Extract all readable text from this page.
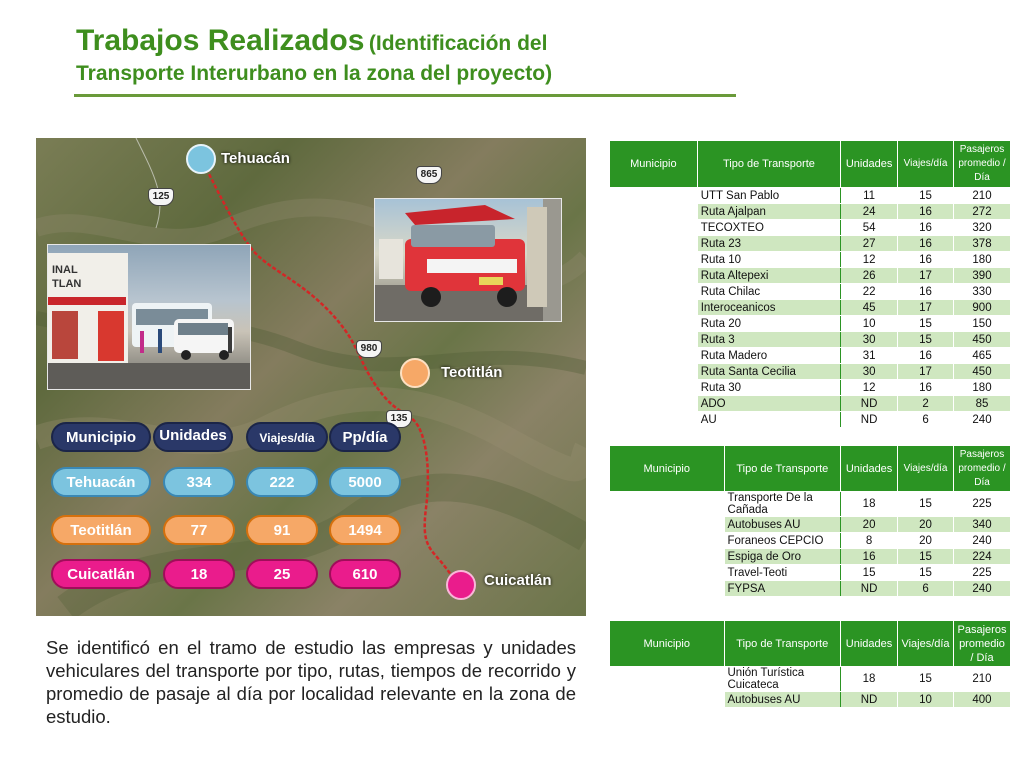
Trabajos Realizados (Identificación del
Transporte Interurbano en la zona del proyecto)
INAL
TLAN
125
865
980
135
Tehuacán
Teotitlán
Cuicatlán
Municipio	Unidades	Viajes/día	Pp/día
Tehuacán	334	222	5000
Teotitlán	77	91	1494
Cuicatlán	18	25	610

Se identificó en el tramo de estudio las empresas y unidades vehiculares del transporte por tipo, rutas, tiempos de recorrido y promedio de pasaje al día por localidad relevante en la zona de estudio.

Municipio	Tipo de Transporte	Unidades	Viajes/día	Pasajeros promedio / Día
Tehuacán	UTT San Pablo	11	15	210
	Ruta Ajalpan	24	16	272
	TECOXTEO	54	16	320
	Ruta 23	27	16	378
	Ruta 10	12	16	180
	Ruta Altepexi	26	17	390
	Ruta Chilac	22	16	330
	Interoceanicos	45	17	900
	Ruta 20	10	15	150
	Ruta 3	30	15	450
	Ruta Madero	31	16	465
	Ruta Santa Cecilia	30	17	450
	Ruta 30	12	16	180
	ADO	ND	2	85
	AU	ND	6	240
Municipio	Tipo de Transporte	Unidades	Viajes/día	Pasajeros promedio / Día
Teotitlán de Flores Magón	Transporte De la Cañada	18	15	225
	Autobuses AU	20	20	340
	Foraneos CEPCIO	8	20	240
	Espiga de Oro	16	15	224
	Travel-Teoti	15	15	225
	FYPSA	ND	6	240
Municipio	Tipo de Transporte	Unidades	Viajes/día	Pasajeros promedio / Día
Cuicatlán	Unión Turística Cuicateca	18	15	210
	Autobuses AU	ND	10	400
